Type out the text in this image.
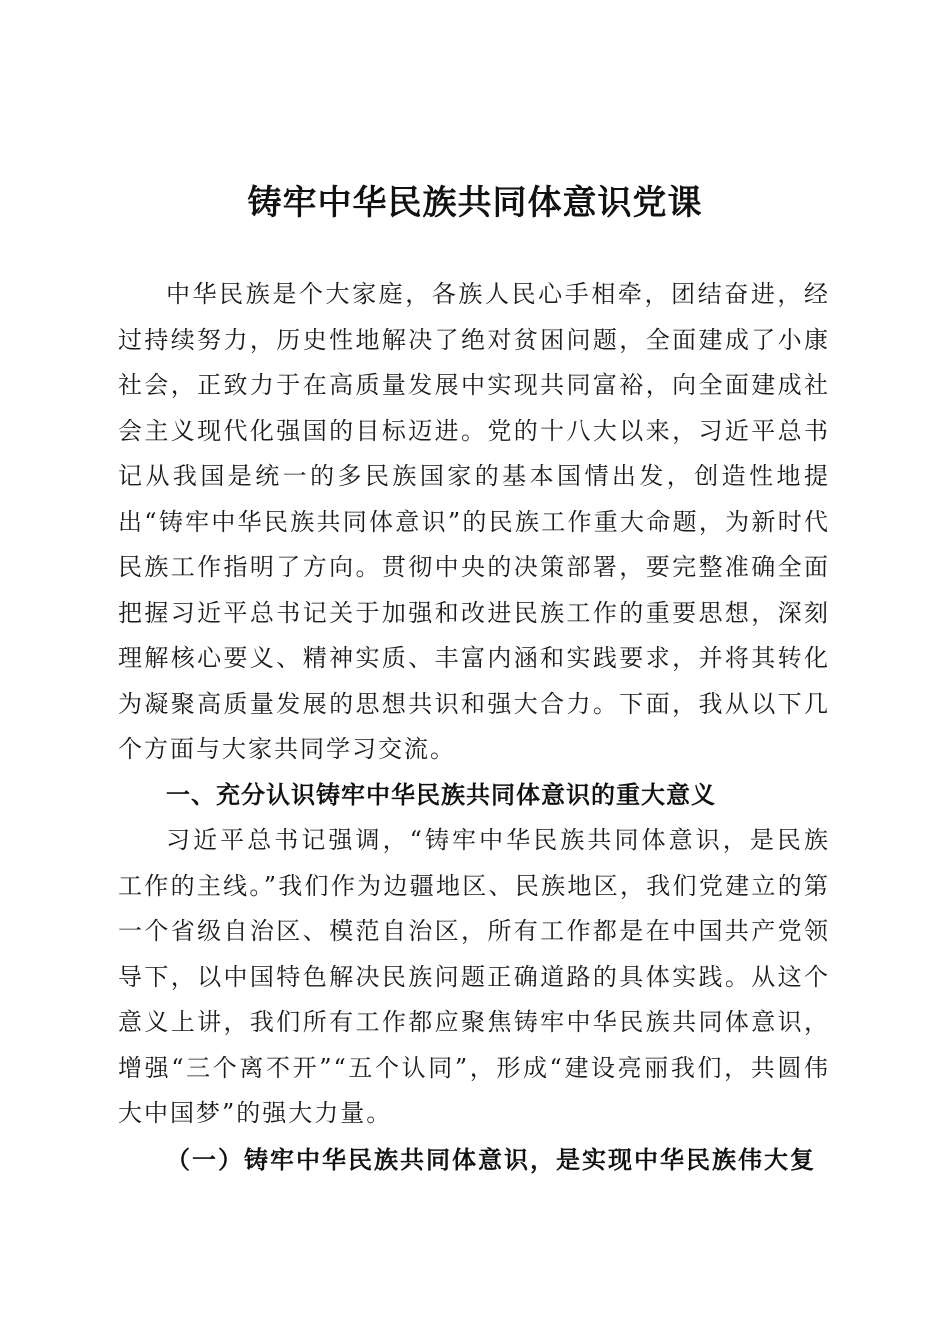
铸牢中华民族共同体意识党课

中华民族是个大家庭，各族人民心手相牵，团结奋进，经过持续努力，历史性地解决了绝对贫困问题，全面建成了小康社会，正致力于在高质量发展中实现共同富裕，向全面建成社会主义现代化强国的目标迈进。党的十八大以来，习近平总书记从我国是统一的多民族国家的基本国情出发，创造性地提出“铸牢中华民族共同体意识”的民族工作重大命题，为新时代民族工作指明了方向。贯彻中央的决策部署，要完整准确全面把握习近平总书记关于加强和改进民族工作的重要思想，深刻理解核心要义、精神实质、丰富内涵和实践要求，并将其转化为凝聚高质量发展的思想共识和强大合力。下面，我从以下几个方面与大家共同学习交流。

一、充分认识铸牢中华民族共同体意识的重大意义

习近平总书记强调，“铸牢中华民族共同体意识，是民族工作的主线。”我们作为边疆地区、民族地区，我们党建立的第一个省级自治区、模范自治区，所有工作都是在中国共产党领导下，以中国特色解决民族问题正确道路的具体实践。从这个意义上讲，我们所有工作都应聚焦铸牢中华民族共同体意识，增强“三个离不开”“五个认同”，形成“建设亮丽我们，共圆伟大中国梦”的强大力量。

（一）铸牢中华民族共同体意识，是实现中华民族伟大复
